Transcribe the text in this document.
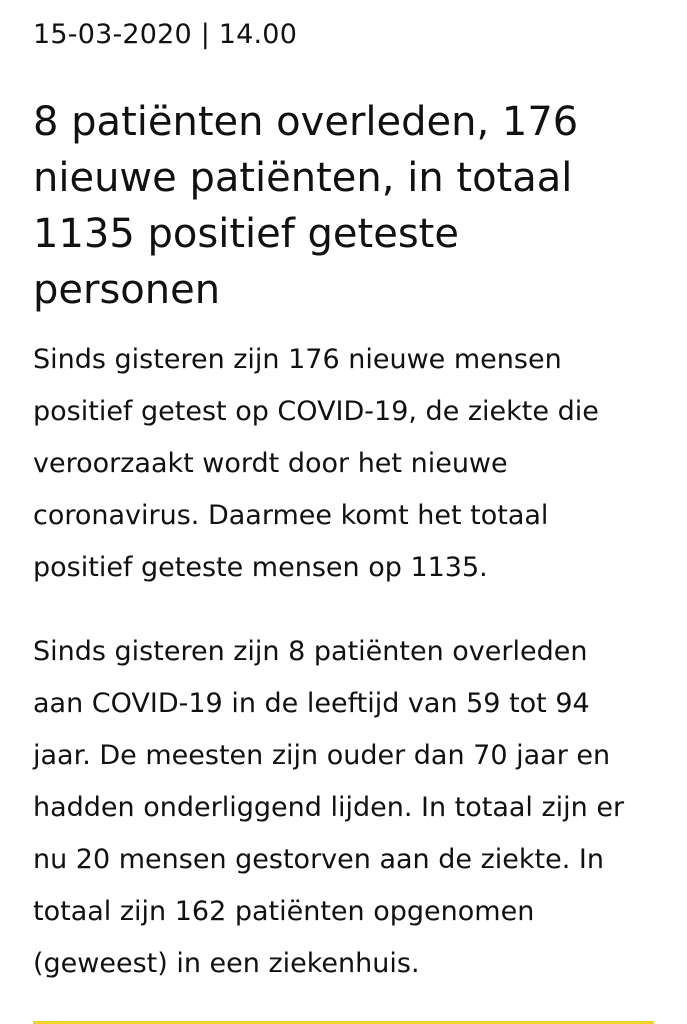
15-03-2020 | 14.00
8 patiënten overleden, 176
nieuwe patiënten, in totaal
1135 positief geteste
personen

Sinds gisteren zijn 176 nieuwe mensen
positief getest op COVID-19, de ziekte die
veroorzaakt wordt door het nieuwe
coronavirus. Daarmee komt het totaal
positief geteste mensen op 1135.

Sinds gisteren zijn 8 patiënten overleden
aan COVID-19 in de leeftijd van 59 tot 94
jaar. De meesten zijn ouder dan 70 jaar en
hadden onderliggend lijden. In totaal zijn er
nu 20 mensen gestorven aan de ziekte. In
totaal zijn 162 patiënten opgenomen
(geweest) in een ziekenhuis.
